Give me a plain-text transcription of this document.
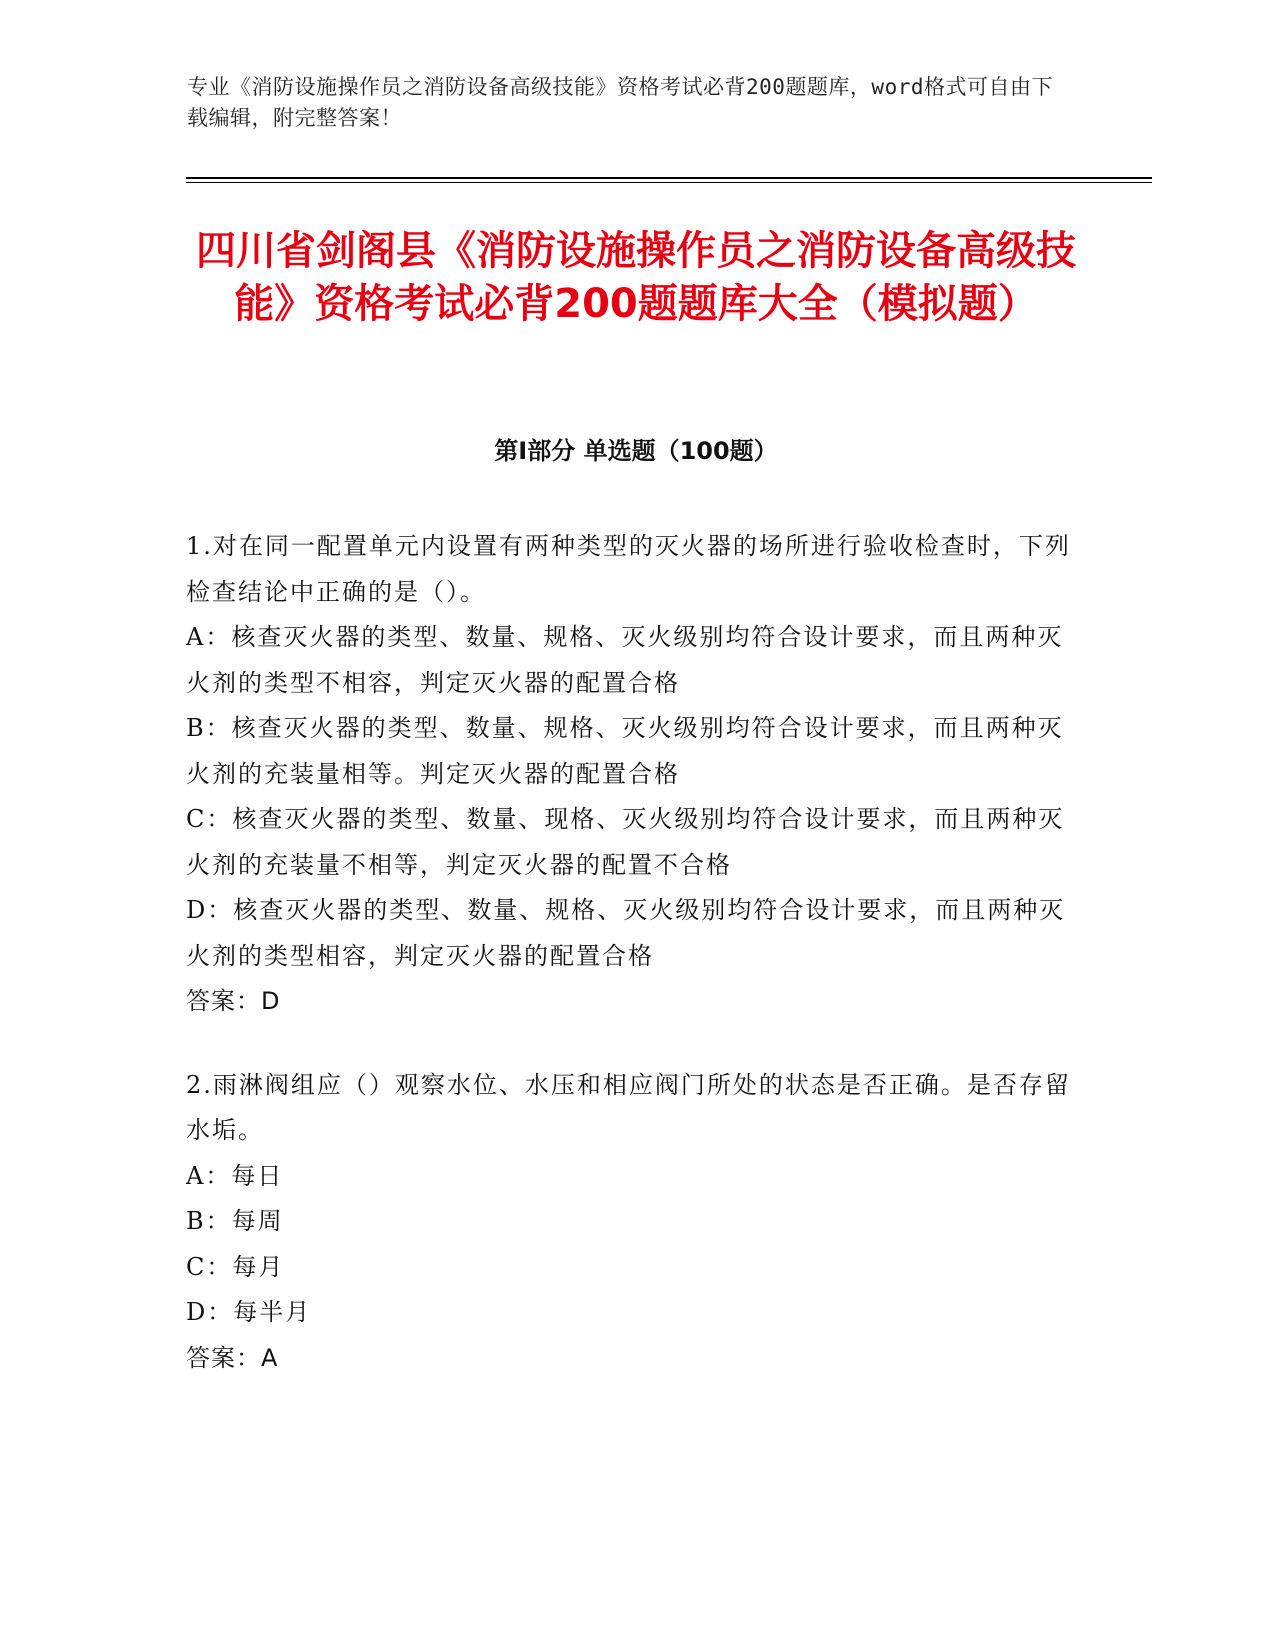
专业《消防设施操作员之消防设备高级技能》资格考试必背200题题库，word格式可自由下载编辑，附完整答案！
四川省剑阁县《消防设施操作员之消防设备高级技能》资格考试必背200题题库大全（模拟题）
第Ⅰ部分 单选题（100题）
1.对在同一配置单元内设置有两种类型的灭火器的场所进行验收检查时，下列检查结论中正确的是（）。
A：核查灭火器的类型、数量、规格、灭火级别均符合设计要求，而且两种灭火剂的类型不相容，判定灭火器的配置合格
B：核查灭火器的类型、数量、规格、灭火级别均符合设计要求，而且两种灭火剂的充装量相等。判定灭火器的配置合格
C：核查灭火器的类型、数量、现格、灭火级别均符合设计要求，而且两种灭火剂的充装量不相等，判定灭火器的配置不合格
D：核查灭火器的类型、数量、规格、灭火级别均符合设计要求，而且两种灭火剂的类型相容，判定灭火器的配置合格
答案：D
2.雨淋阀组应（）观察水位、水压和相应阀门所处的状态是否正确。是否存留水垢。
A：每日
B：每周
C：每月
D：每半月
答案：A
